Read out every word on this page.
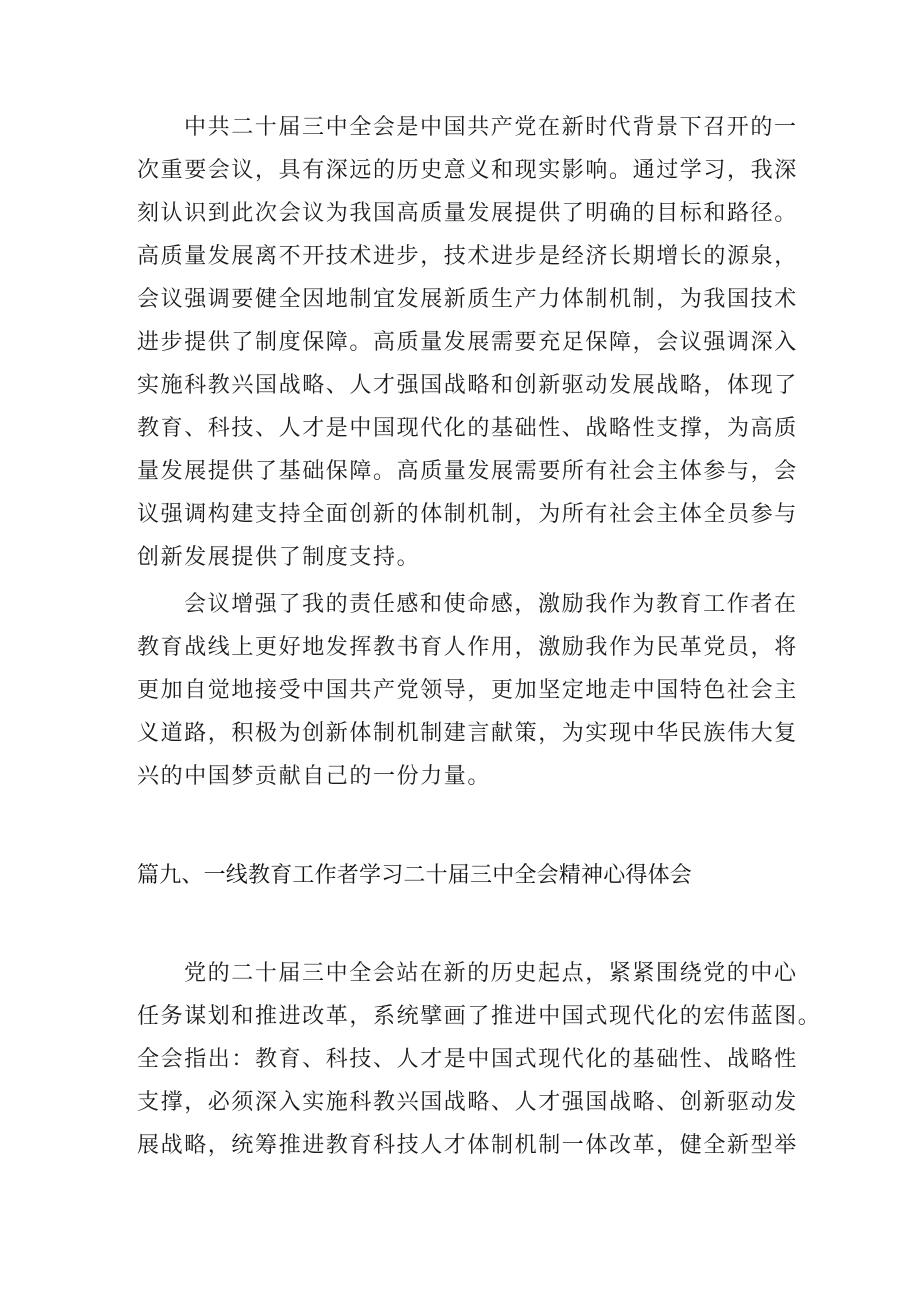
中共二十届三中全会是中国共产党在新时代背景下召开的一
次重要会议，具有深远的历史意义和现实影响。通过学习，我深
刻认识到此次会议为我国高质量发展提供了明确的目标和路径。
高质量发展离不开技术进步，技术进步是经济长期增长的源泉，
会议强调要健全因地制宜发展新质生产力体制机制，为我国技术
进步提供了制度保障。高质量发展需要充足保障，会议强调深入
实施科教兴国战略、人才强国战略和创新驱动发展战略，体现了
教育、科技、人才是中国现代化的基础性、战略性支撑，为高质
量发展提供了基础保障。高质量发展需要所有社会主体参与，会
议强调构建支持全面创新的体制机制，为所有社会主体全员参与
创新发展提供了制度支持。
会议增强了我的责任感和使命感，激励我作为教育工作者在
教育战线上更好地发挥教书育人作用，激励我作为民革党员，将
更加自觉地接受中国共产党领导，更加坚定地走中国特色社会主
义道路，积极为创新体制机制建言献策，为实现中华民族伟大复
兴的中国梦贡献自己的一份力量。
篇九、一线教育工作者学习二十届三中全会精神心得体会
党的二十届三中全会站在新的历史起点，紧紧围绕党的中心
任务谋划和推进改革，系统擘画了推进中国式现代化的宏伟蓝图。
全会指出：教育、科技、人才是中国式现代化的基础性、战略性
支撑，必须深入实施科教兴国战略、人才强国战略、创新驱动发
展战略，统筹推进教育科技人才体制机制一体改革，健全新型举
